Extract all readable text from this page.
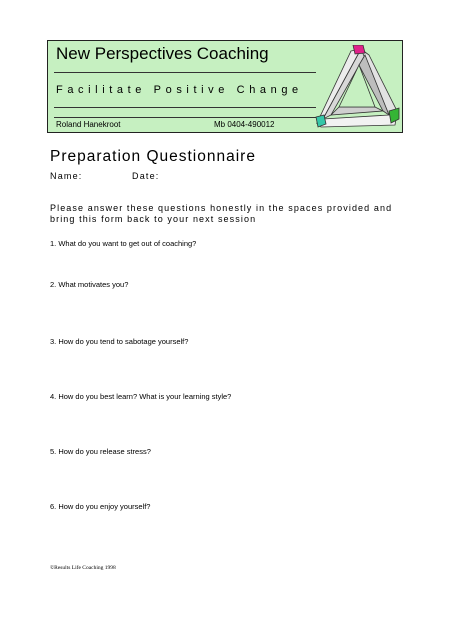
New Perspectives Coaching
Facilitate Positive Change
Roland Hanekroot	Mb 0404-490012
Preparation Questionnaire
Name:	Date:
Please answer these questions honestly in the spaces provided and
bring this form back to your next session
1. What do you want to get out of coaching?
2. What motivates you?
3. How do you tend to sabotage yourself?
4. How do you best learn? What is your learning style?
5. How do you release stress?
6. How do you enjoy yourself?
©Results Life Coaching 1998
